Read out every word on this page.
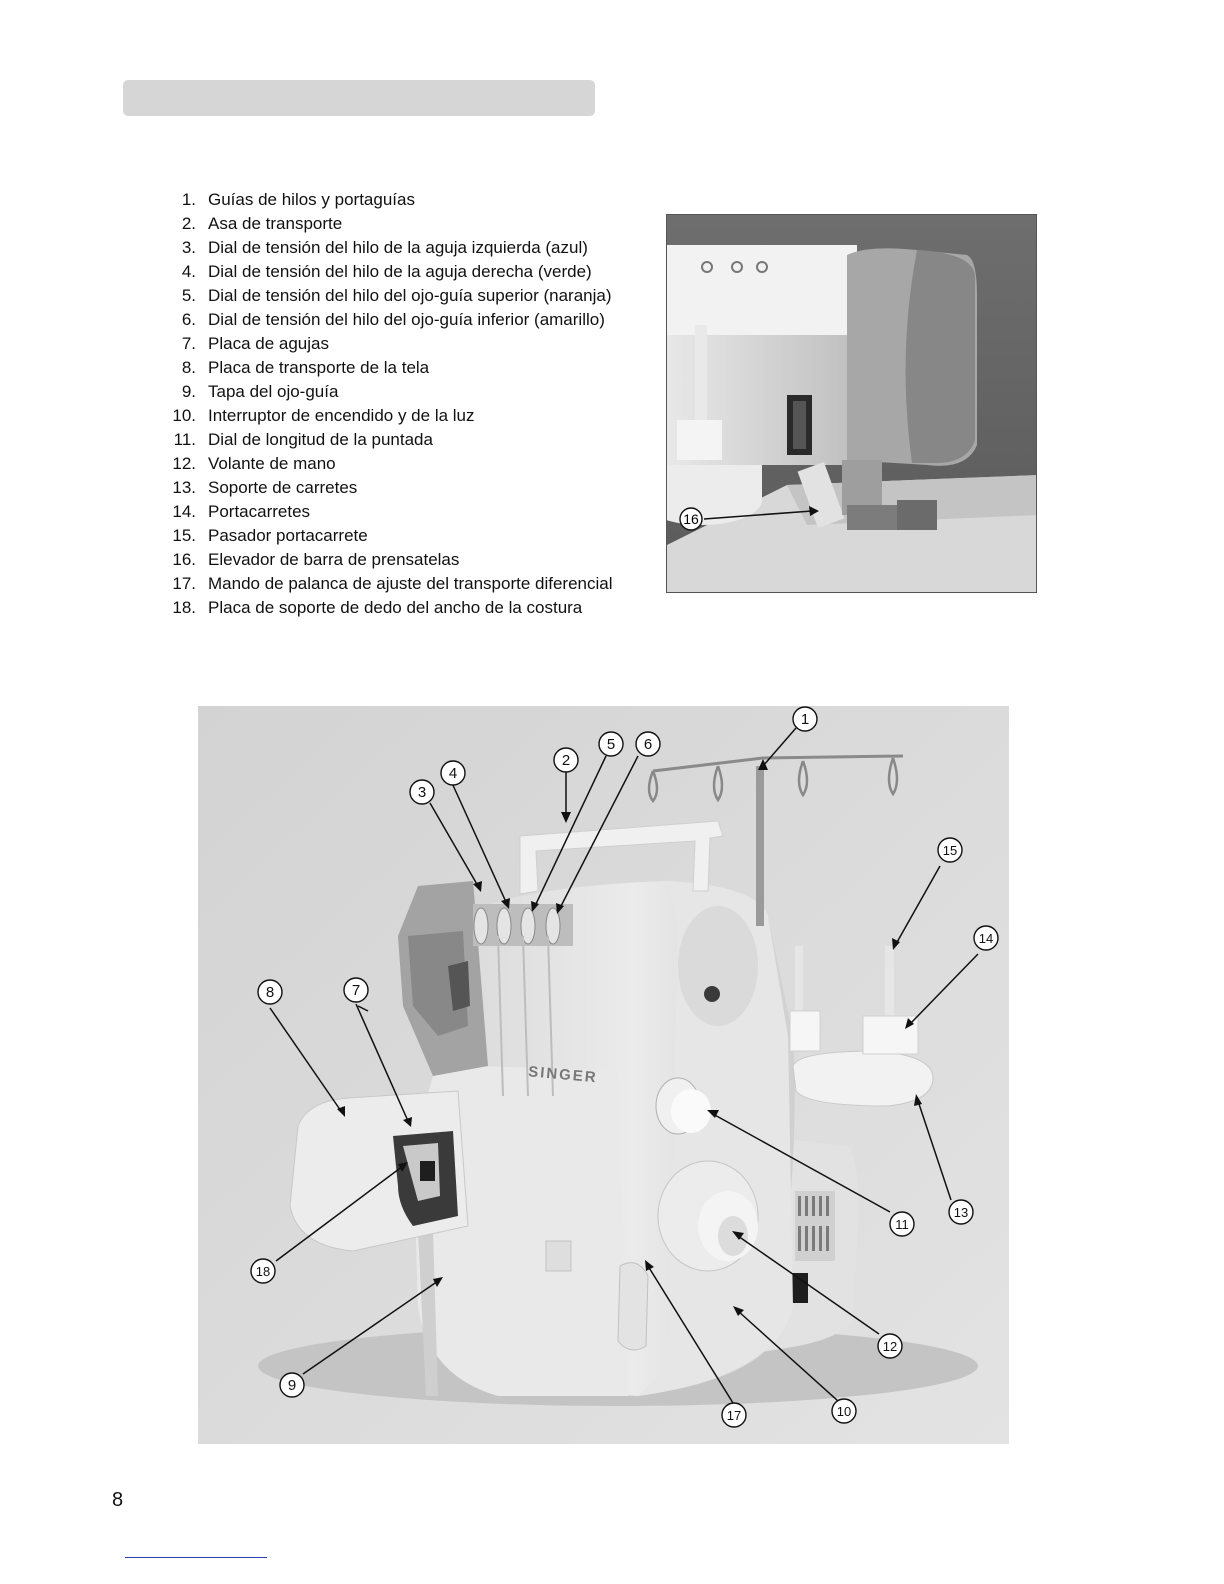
1. Guías de hilos y portaguías
2. Asa de transporte
3. Dial de tensión del hilo de la aguja izquierda (azul)
4. Dial de tensión del hilo de la aguja derecha (verde)
5. Dial de tensión del hilo del ojo-guía superior (naranja)
6. Dial de tensión del hilo del ojo-guía inferior (amarillo)
7. Placa de agujas
8. Placa de transporte de la tela
9. Tapa del ojo-guía
10. Interruptor de encendido y de la luz
11. Dial de longitud de la puntada
12. Volante de mano
13. Soporte de carretes
14. Portacarretes
15. Pasador portacarrete
16. Elevador de barra de prensatelas
17. Mando de palanca de ajuste del transporte diferencial
18. Placa de soporte de dedo del ancho de la costura
16
SINGER
1
2
3
4
5 6
7
8
9
10
11
12
13
14
15
17
18
8
